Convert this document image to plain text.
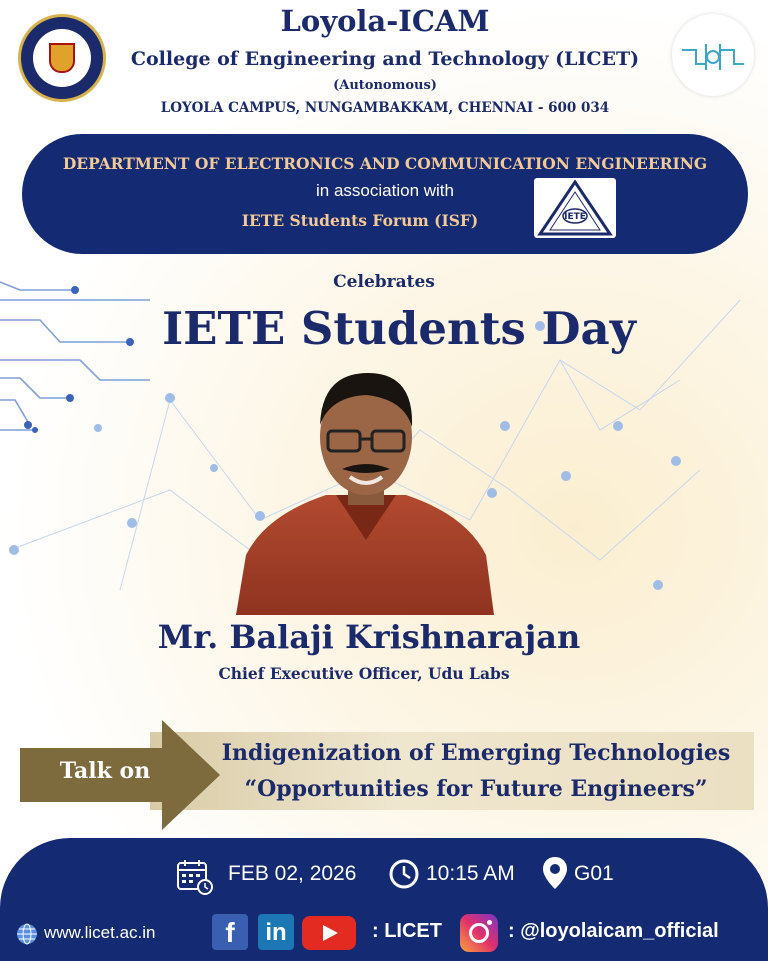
Loyola-ICAM
College of Engineering and Technology (LICET)
(Autonomous)
LOYOLA CAMPUS, NUNGAMBAKKAM, CHENNAI - 600 034
DEPARTMENT OF ELECTRONICS AND COMMUNICATION ENGINEERING
in association with
IETE Students Forum (ISF)	IETE
Celebrates
IETE Students Day
Mr. Balaji Krishnarajan
Chief Executive Officer, Udu Labs
Talk on
Indigenization of Emerging Technologies
“Opportunities for Future Engineers”
FEB 02, 2026	10:15 AM	G01
www.licet.ac.in	f	in	: LICET	: @loyolaicam_official
